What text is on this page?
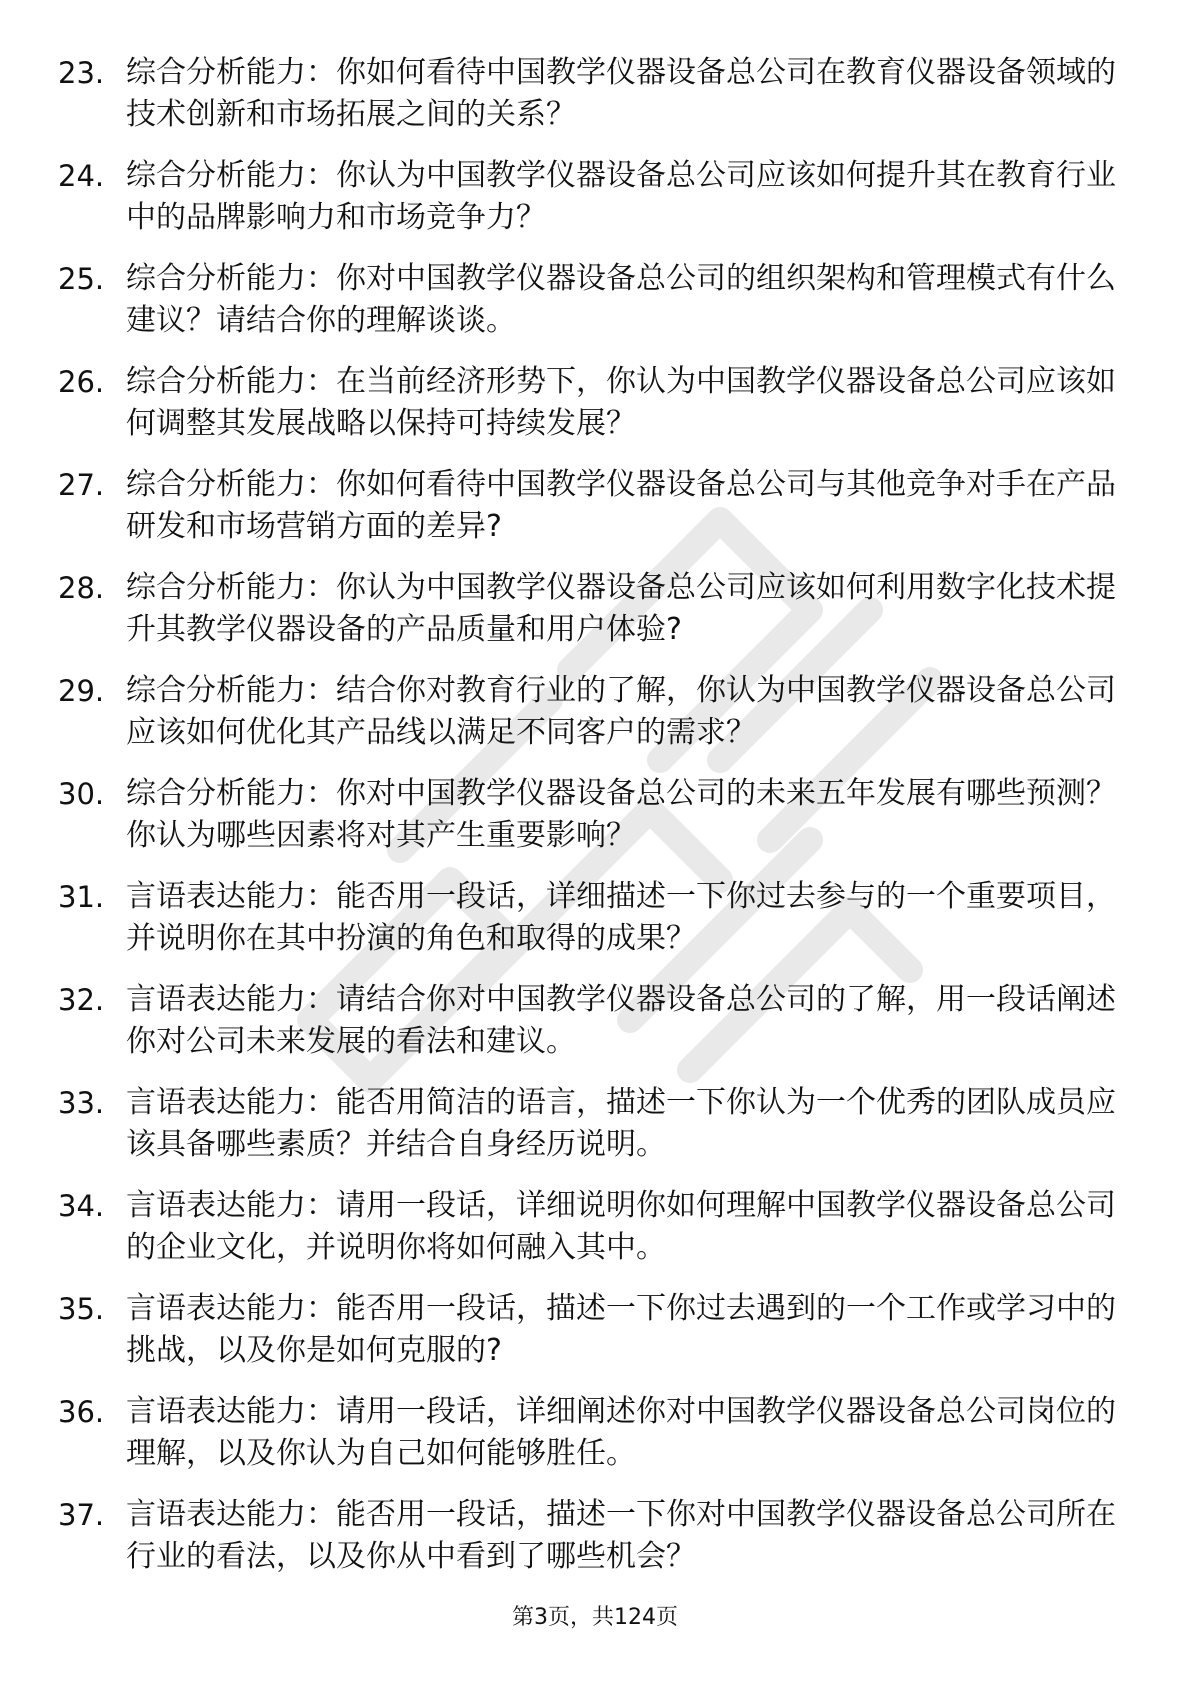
23. 综合分析能力：你如何看待中国教学仪器设备总公司在教育仪器设备领域的技术创新和市场拓展之间的关系？
24. 综合分析能力：你认为中国教学仪器设备总公司应该如何提升其在教育行业中的品牌影响力和市场竞争力？
25. 综合分析能力：你对中国教学仪器设备总公司的组织架构和管理模式有什么建议？请结合你的理解谈谈。
26. 综合分析能力：在当前经济形势下，你认为中国教学仪器设备总公司应该如何调整其发展战略以保持可持续发展？
27. 综合分析能力：你如何看待中国教学仪器设备总公司与其他竞争对手在产品研发和市场营销方面的差异?
28. 综合分析能力：你认为中国教学仪器设备总公司应该如何利用数字化技术提升其教学仪器设备的产品质量和用户体验?
29. 综合分析能力：结合你对教育行业的了解，你认为中国教学仪器设备总公司应该如何优化其产品线以满足不同客户的需求？
30. 综合分析能力：你对中国教学仪器设备总公司的未来五年发展有哪些预测？你认为哪些因素将对其产生重要影响？
31. 言语表达能力：能否用一段话，详细描述一下你过去参与的一个重要项目，并说明你在其中扮演的角色和取得的成果？
32. 言语表达能力：请结合你对中国教学仪器设备总公司的了解，用一段话阐述你对公司未来发展的看法和建议。
33. 言语表达能力：能否用简洁的语言，描述一下你认为一个优秀的团队成员应该具备哪些素质？并结合自身经历说明。
34. 言语表达能力：请用一段话，详细说明你如何理解中国教学仪器设备总公司的企业文化，并说明你将如何融入其中。
35. 言语表达能力：能否用一段话，描述一下你过去遇到的一个工作或学习中的挑战，以及你是如何克服的?
36. 言语表达能力：请用一段话，详细阐述你对中国教学仪器设备总公司岗位的理解，以及你认为自己如何能够胜任。
37. 言语表达能力：能否用一段话，描述一下你对中国教学仪器设备总公司所在行业的看法，以及你从中看到了哪些机会？
第3页，共124页
